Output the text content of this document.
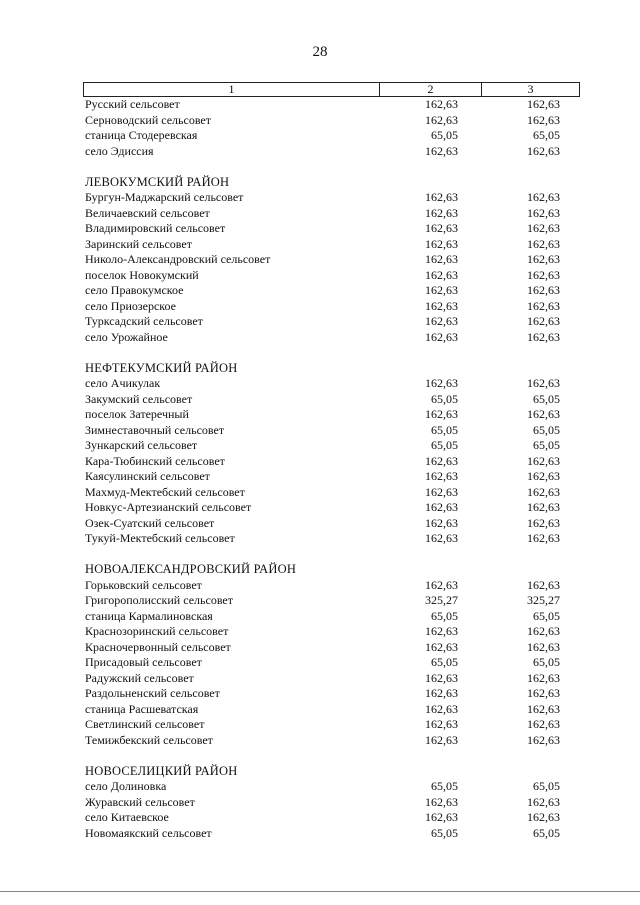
28
1	2	3
Русский сельсовет	162,63	162,63
Серноводский сельсовет	162,63	162,63
станица Стодеревская	65,05	65,05
село Эдиссия	162,63	162,63
ЛЕВОКУМСКИЙ РАЙОН
Бургун-Маджарский сельсовет	162,63	162,63
Величаевский сельсовет	162,63	162,63
Владимировский сельсовет	162,63	162,63
Заринский сельсовет	162,63	162,63
Николо-Александровский сельсовет	162,63	162,63
поселок Новокумский	162,63	162,63
село Правокумское	162,63	162,63
село Приозерское	162,63	162,63
Турксадский сельсовет	162,63	162,63
село Урожайное	162,63	162,63
НЕФТЕКУМСКИЙ РАЙОН
село Ачикулак	162,63	162,63
Закумский сельсовет	65,05	65,05
поселок Затеречный	162,63	162,63
Зимнеставочный сельсовет	65,05	65,05
Зункарский сельсовет	65,05	65,05
Кара-Тюбинский сельсовет	162,63	162,63
Каясулинский сельсовет	162,63	162,63
Махмуд-Мектебский сельсовет	162,63	162,63
Новкус-Артезианский сельсовет	162,63	162,63
Озек-Суатский сельсовет	162,63	162,63
Тукуй-Мектебский сельсовет	162,63	162,63
НОВОАЛЕКСАНДРОВСКИЙ РАЙОН
Горьковский сельсовет	162,63	162,63
Григорополисский сельсовет	325,27	325,27
станица Кармалиновская	65,05	65,05
Краснозоринский сельсовет	162,63	162,63
Красночервонный сельсовет	162,63	162,63
Присадовый сельсовет	65,05	65,05
Радужский сельсовет	162,63	162,63
Раздольненский сельсовет	162,63	162,63
станица Расшеватская	162,63	162,63
Светлинский сельсовет	162,63	162,63
Темижбекский сельсовет	162,63	162,63
НОВОСЕЛИЦКИЙ РАЙОН
село Долиновка	65,05	65,05
Журавский сельсовет	162,63	162,63
село Китаевское	162,63	162,63
Новомаякский сельсовет	65,05	65,05
